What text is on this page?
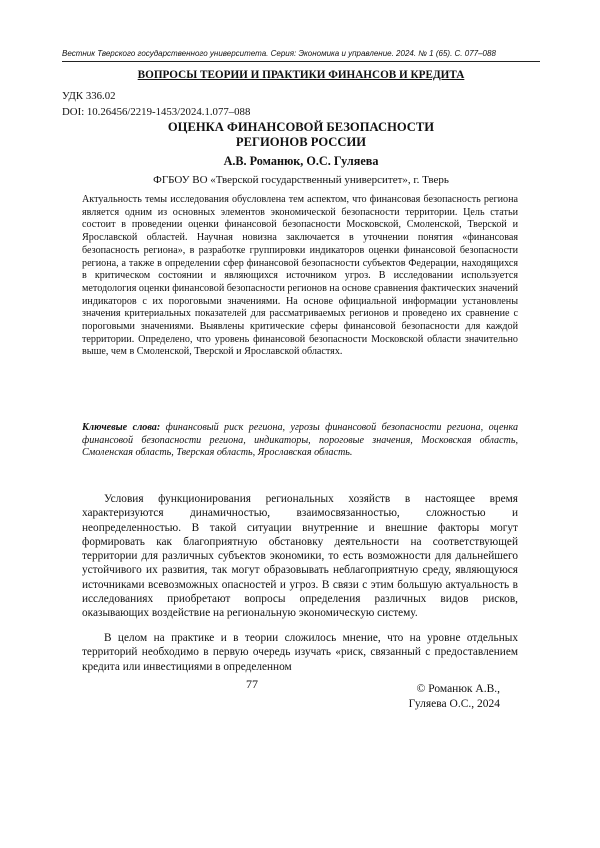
Вестник Тверского государственного университета. Серия: Экономика и управление. 2024. № 1 (65). С. 077–088
ВОПРОСЫ ТЕОРИИ И ПРАКТИКИ ФИНАНСОВ И КРЕДИТА
УДК 336.02
DOI: 10.26456/2219-1453/2024.1.077–088
ОЦЕНКА ФИНАНСОВОЙ БЕЗОПАСНОСТИ
РЕГИОНОВ РОССИИ
А.В. Романюк, О.С. Гуляева
ФГБОУ ВО «Тверской государственный университет», г. Тверь

Актуальность темы исследования обусловлена тем аспектом, что финансовая безопасность региона является одним из основных элементов экономической безопасности территории. Цель статьи состоит в проведении оценки финансовой безопасности Московской, Смоленской, Тверской и Ярославской областей. Научная новизна заключается в уточнении понятия «финансовая безопасность региона», в разработке группировки индикаторов оценки финансовой безопасности региона, а также в определении сфер финансовой безопасности субъектов Федерации, находящихся в критическом состоянии и являющихся источником угроз. В исследовании используется методология оценки финансовой безопасности регионов на основе сравнения фактических значений индикаторов с их пороговыми значениями. На основе официальной информации установлены значения критериальных показателей для рассматриваемых регионов и проведено их сравнение с пороговыми значениями. Выявлены критические сферы финансовой безопасности для каждой территории. Определено, что уровень финансовой безопасности Московской области значительно выше, чем в Смоленской, Тверской и Ярославской областях.

Ключевые слова: финансовый риск региона, угрозы финансовой безопасности региона, оценка финансовой безопасности региона, индикаторы, пороговые значения, Московская область, Смоленская область, Тверская область, Ярославская область.

Условия функционирования региональных хозяйств в настоящее время характеризуются динамичностью, взаимосвязанностью, сложностью и неопределенностью. В такой ситуации внутренние и внешние факторы могут формировать как благоприятную обстановку деятельности на соответствующей территории для различных субъектов экономики, то есть возможности для дальнейшего устойчивого их развития, так могут образовывать неблагоприятную среду, являющуюся источниками всевозможных опасностей и угроз. В связи с этим большую актуальность в исследованиях приобретают вопросы определения различных видов рисков, оказывающих воздействие на региональную экономическую систему.

В целом на практике и в теории сложилось мнение, что на уровне отдельных территорий необходимо в первую очередь изучать «риск, связанный с предоставлением кредита или инвестициями в определенном

77	© Романюк А.В.,
Гуляева О.С., 2024
